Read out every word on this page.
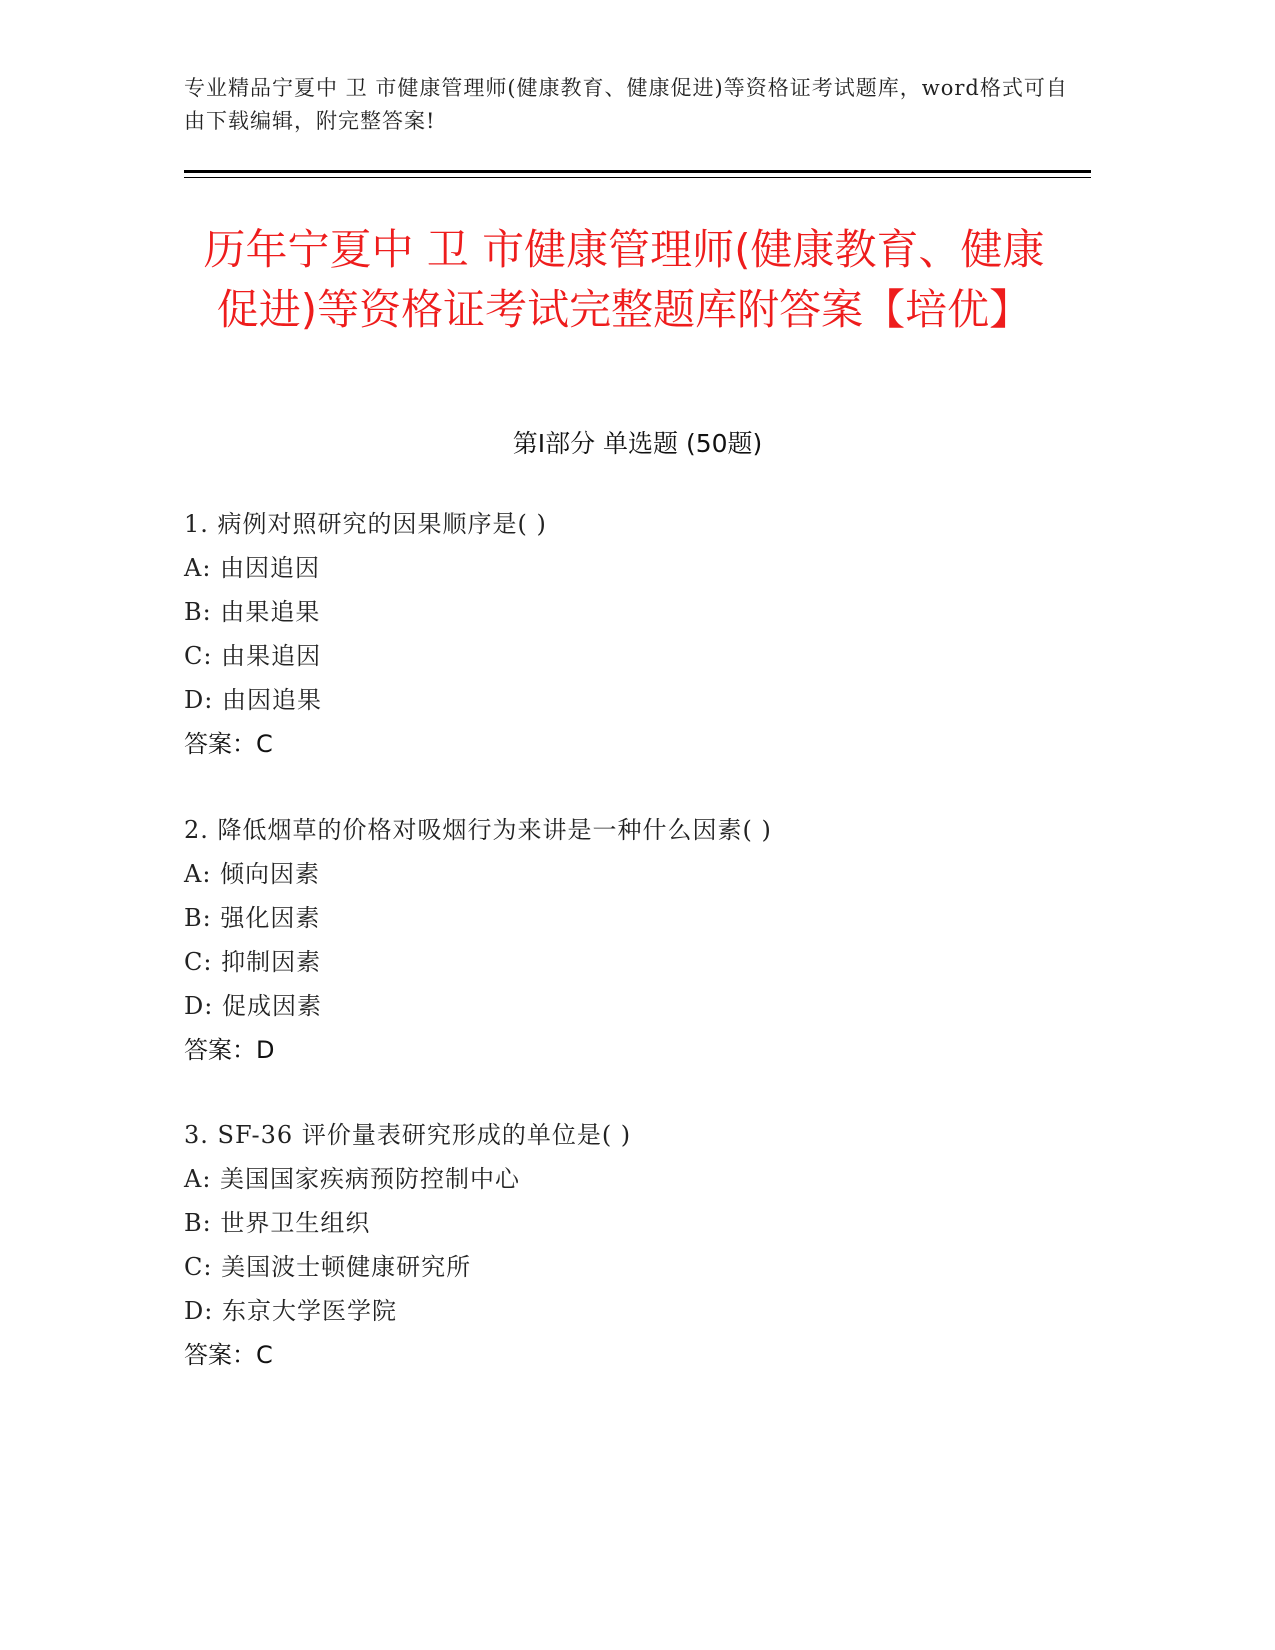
专业精品宁夏中 卫 市健康管理师(健康教育、健康促进)等资格证考试题库，word格式可自由下载编辑，附完整答案!
历年宁夏中 卫 市健康管理师(健康教育、健康促进)等资格证考试完整题库附答案【培优】
第Ⅰ部分 单选题 (50题)
1. 病例对照研究的因果顺序是( )
A: 由因追因
B: 由果追果
C: 由果追因
D: 由因追果
答案：C
2. 降低烟草的价格对吸烟行为来讲是一种什么因素( )
A: 倾向因素
B: 强化因素
C: 抑制因素
D: 促成因素
答案：D
3. SF-36 评价量表研究形成的单位是( )
A: 美国国家疾病预防控制中心
B: 世界卫生组织
C: 美国波士顿健康研究所
D: 东京大学医学院
答案：C
